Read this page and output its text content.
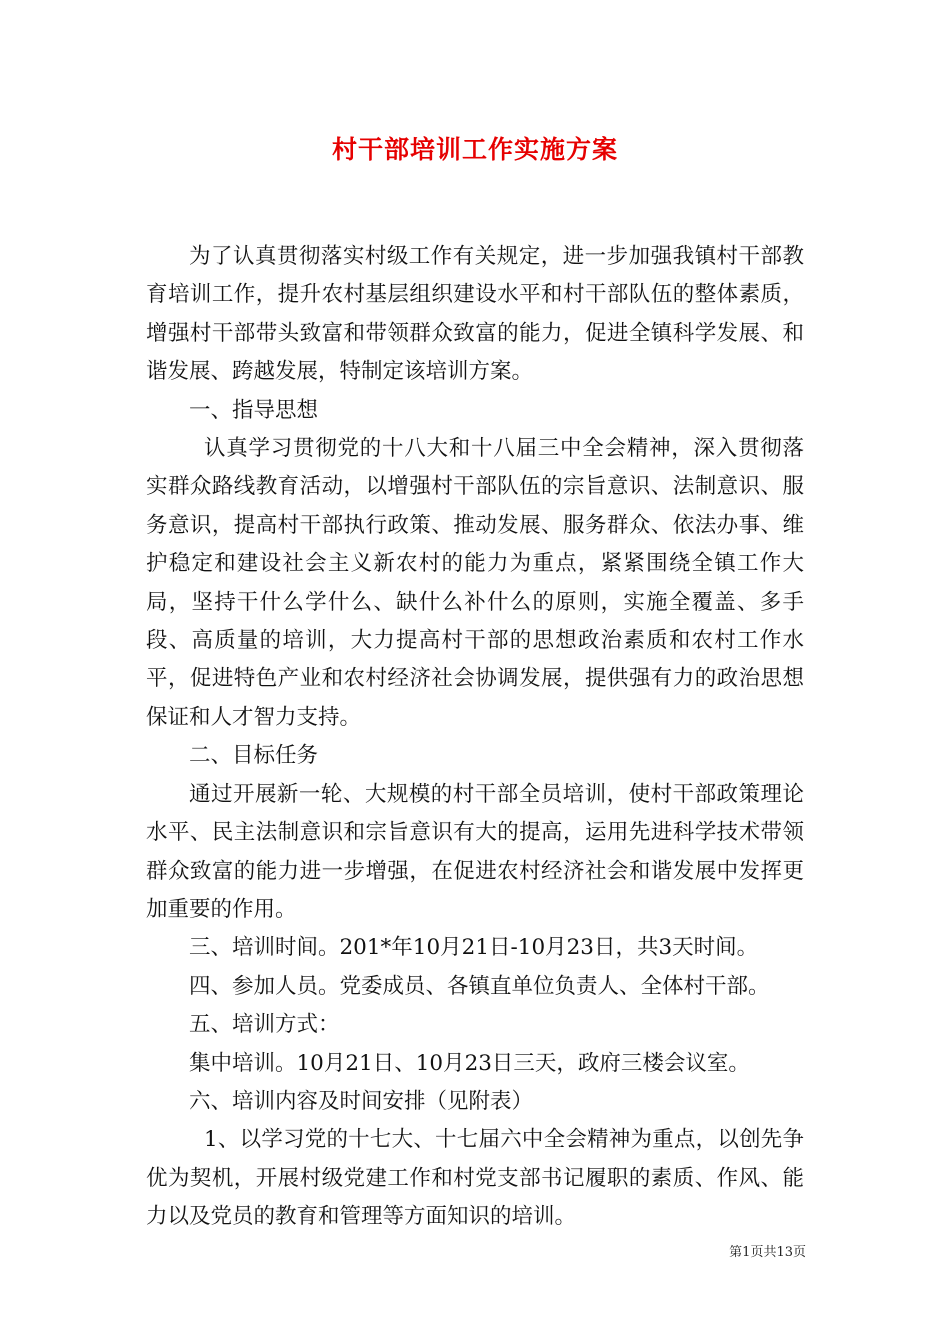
村干部培训工作实施方案

为了认真贯彻落实村级工作有关规定，进一步加强我镇村干部教育培训工作，提升农村基层组织建设水平和村干部队伍的整体素质，增强村干部带头致富和带领群众致富的能力，促进全镇科学发展、和谐发展、跨越发展，特制定该培训方案。

一、指导思想

认真学习贯彻党的十八大和十八届三中全会精神，深入贯彻落实群众路线教育活动，以增强村干部队伍的宗旨意识、法制意识、服务意识，提高村干部执行政策、推动发展、服务群众、依法办事、维护稳定和建设社会主义新农村的能力为重点，紧紧围绕全镇工作大局，坚持干什么学什么、缺什么补什么的原则，实施全覆盖、多手段、高质量的培训，大力提高村干部的思想政治素质和农村工作水平，促进特色产业和农村经济社会协调发展，提供强有力的政治思想保证和人才智力支持。

二、目标任务

通过开展新一轮、大规模的村干部全员培训，使村干部政策理论水平、民主法制意识和宗旨意识有大的提高，运用先进科学技术带领群众致富的能力进一步增强，在促进农村经济社会和谐发展中发挥更加重要的作用。

三、培训时间。201*年10月21日-10月23日，共3天时间。

四、参加人员。党委成员、各镇直单位负责人、全体村干部。

五、培训方式：

集中培训。10月21日、10月23日三天，政府三楼会议室。

六、培训内容及时间安排（见附表）

1、以学习党的十七大、十七届六中全会精神为重点，以创先争优为契机，开展村级党建工作和村党支部书记履职的素质、作风、能力以及党员的教育和管理等方面知识的培训。

第1页共13页
